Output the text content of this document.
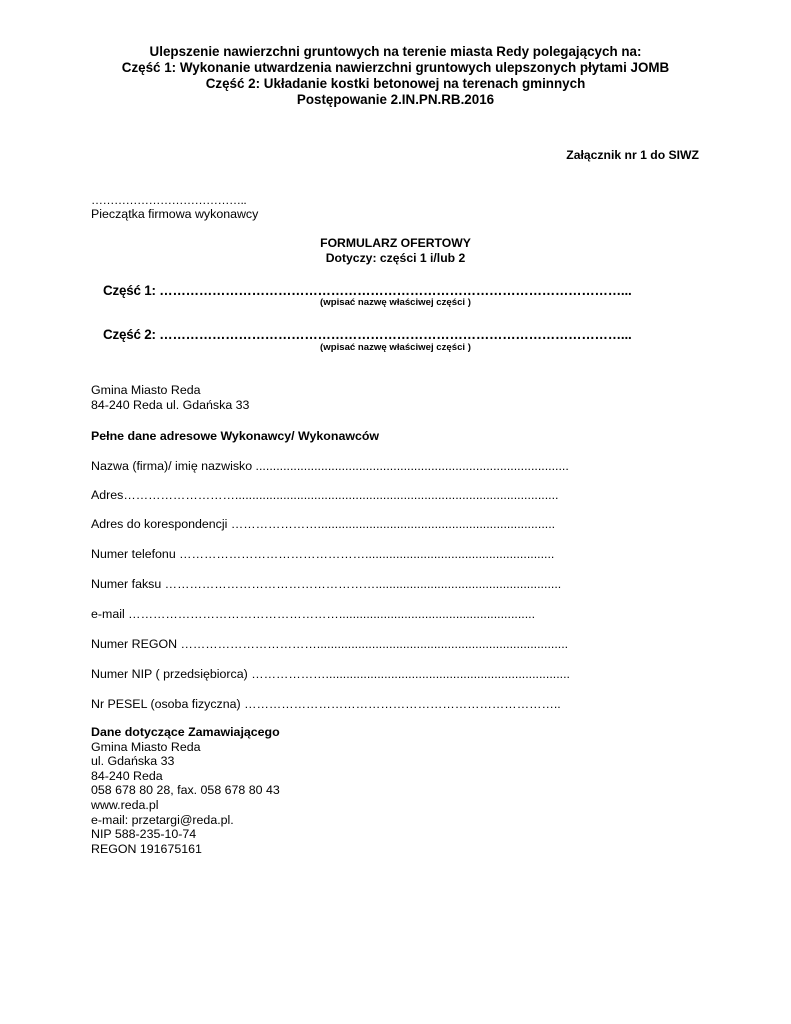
Ulepszenie nawierzchni gruntowych na terenie miasta Redy polegających na:
Część 1: Wykonanie utwardzenia nawierzchni gruntowych ulepszonych płytami JOMB
Część 2: Układanie kostki betonowej na terenach gminnych
Postępowanie 2.IN.PN.RB.2016
Załącznik nr 1 do SIWZ
…………………………………..
Pieczątka firmowa wykonawcy
FORMULARZ OFERTOWY
Dotyczy: części 1 i/lub 2
Część 1: ……………………………………………………………………………………………...
(wpisać nazwę właściwej części )
Część 2: ……………………………………………………………………………………………...
(wpisać nazwę właściwej części )
Gmina Miasto Reda
84-240 Reda ul. Gdańska 33
Pełne dane adresowe Wykonawcy/ Wykonawców
Nazwa (firma)/ imię nazwisko ...........................................................................................
Adres………………………..............................................................................................
Adres do korespondencji ………………….....................................................................
Numer telefonu ……………………………………….......................................................
Numer faksu ……………………………………………......................................................
e-mail …………………………………………….........................................................
Numer REGON …………………………….........................................................................
Numer NIP ( przedsiębiorca) ……………….......................................................................
Nr PESEL (osoba fizyczna) …………………………………………………………………..
Dane dotyczące Zamawiającego
Gmina Miasto Reda
ul. Gdańska 33
84-240 Reda
058 678 80 28, fax. 058 678 80 43
www.reda.pl
e-mail: przetargi@reda.pl.
NIP 588-235-10-74
REGON 191675161
